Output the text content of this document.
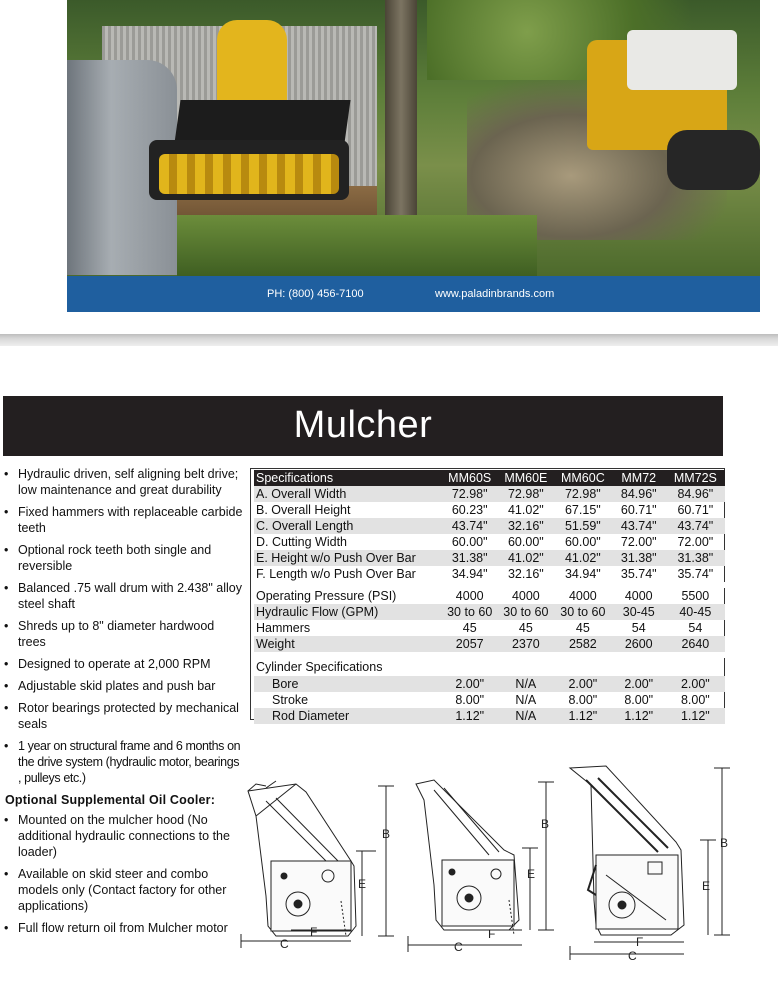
PH: (800) 456-7100	www.paladinbrands.com
Mulcher
• Hydraulic driven, self aligning belt drive; low maintenance and great durability
• Fixed hammers with replaceable carbide teeth
• Optional rock teeth both single and reversible
• Balanced .75 wall drum with 2.438" alloy steel shaft
• Shreds up to 8" diameter hardwood trees
• Designed to operate at 2,000 RPM
• Adjustable skid plates and push bar
• Rotor bearings protected by mechanical seals
• 1 year on structural frame and 6 months on the drive system (hydraulic motor, bearings , pulleys etc.)
Optional Supplemental Oil Cooler:
• Mounted on the mulcher hood (No additional hydraulic connections to the loader)
• Available on skid steer and combo models only (Contact factory for other applications)
• Full flow return oil from Mulcher motor
Specifications	MM60S	MM60E	MM60C	MM72	MM72S
A. Overall Width	72.98"	72.98"	72.98"	84.96"	84.96"
B. Overall Height	60.23"	41.02"	67.15"	60.71"	60.71"
C. Overall Length	43.74"	32.16"	51.59"	43.74"	43.74"
D. Cutting Width	60.00"	60.00"	60.00"	72.00"	72.00"
E. Height w/o Push Over Bar	31.38"	41.02"	41.02"	31.38"	31.38"
F. Length w/o Push Over Bar	34.94"	32.16"	34.94"	35.74"	35.74"

Operating Pressure (PSI)	4000	4000	4000	4000	5500
Hydraulic Flow (GPM)	30 to 60	30 to 60	30 to 60	30-45	40-45
Hammers	45	45	45	54	54
Weight	2057	2370	2582	2600	2640

Cylinder Specifications					
Bore	2.00"	N/A	2.00"	2.00"	2.00"
Stroke	8.00"	N/A	8.00"	8.00"	8.00"
Rod Diameter	1.12"	N/A	1.12"	1.12"	1.12"
B
E
F
C
B
E
F
C
B
E
F
C
